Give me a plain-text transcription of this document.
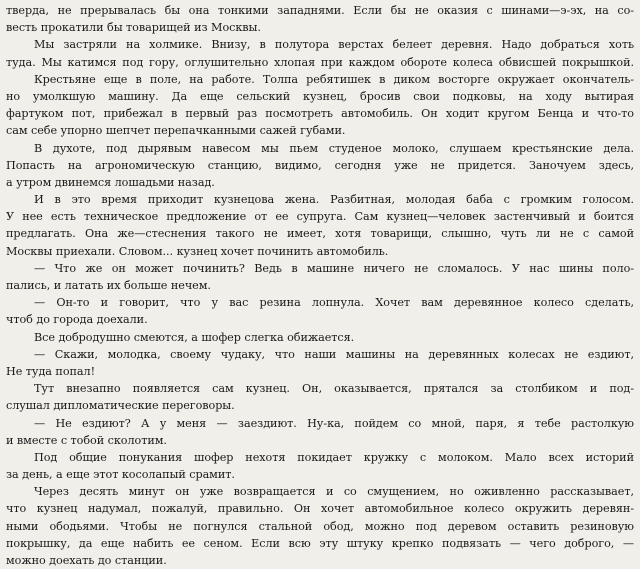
тверда, не прерывалась бы она тонкими западнями. Если бы не оказия с шинами—э-эх, на со-
весть прокатили бы товарищей из Москвы.
Мы застряли на холмике. Внизу, в полутора верстах белеет деревня. Надо добраться хоть
туда. Мы катимся под гору, оглушительно хлопая при каждом обороте колеса обвисшей покрышкой.
Крестьяне еще в поле, на работе. Толпа ребятишек в диком восторге окружает окончатель-
но умолкшую машину. Да еще сельский кузнец, бросив свои подковы, на ходу вытирая
фартуком пот, прибежал в первый раз посмотреть автомобиль. Он ходит кругом Бенца и что-то
сам себе упорно шепчет перепачканными сажей губами.
В духоте, под дырявым навесом мы пьем студеное молоко, слушаем крестьянские дела.
Попасть на агрономическую станцию, видимо, сегодня уже не придется. Заночуем здесь,
а утром двинемся лошадьми назад.
И в это время приходит кузнецова жена. Разбитная, молодая баба с громким голосом.
У нее есть техническое предложение от ее супруга. Сам кузнец—человек застенчивый и боится
предлагать. Она же—стеснения такого не имеет, хотя товарищи, слышно, чуть ли не с самой
Москвы приехали. Словом... кузнец хочет починить автомобиль.
— Что же он может починить? Ведь в машине ничего не сломалось. У нас шины поло-
пались, и латать их больше нечем.
— Он-то и говорит, что у вас резина лопнула. Хочет вам деревянное колесо сделать,
чтоб до города доехали.
Все добродушно смеются, а шофер слегка обижается.
— Скажи, молодка, своему чудаку, что наши машины на деревянных колесах не ездиют,
Не туда попал!
Тут внезапно появляется сам кузнец. Он, оказывается, прятался за столбиком и под-
слушал дипломатические переговоры.
— Не ездиют? А у меня — заездиют. Ну-ка, пойдем со мной, паря, я тебе растолкую
и вместе с тобой сколотим.
Под общие понукания шофер нехотя покидает кружку с молоком. Мало всех историй
за день, а еще этот косолапый срамит.
Через десять минут он уже возвращается и со смущением, но оживленно рассказывает,
что кузнец надумал, пожалуй, правильно. Он хочет автомобильное колесо окружить деревян-
ными ободьями. Чтобы не погнулся стальной обод, можно под деревом оставить резиновую
покрышку, да еще набить ее сеном. Если всю эту штуку крепко подвязать — чего доброго, —
можно доехать до станции.
